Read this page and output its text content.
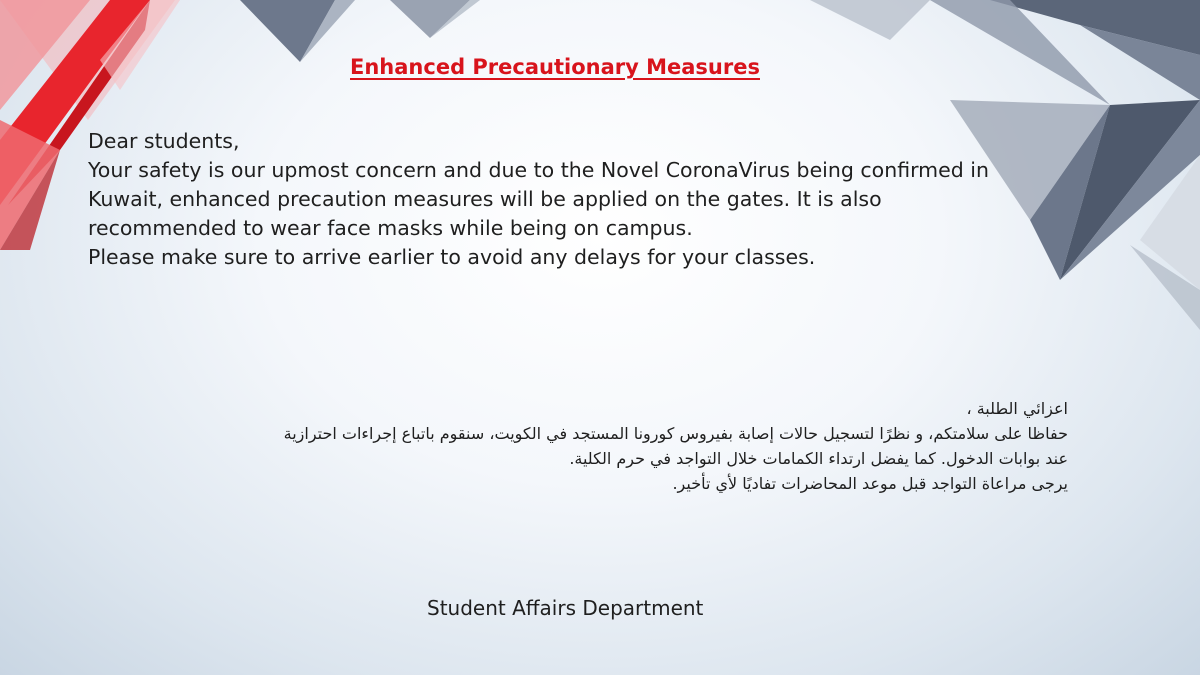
Enhanced Precautionary Measures
Dear students,
Your safety is our upmost concern and due to the Novel CoronaVirus being confirmed in
Kuwait, enhanced precaution measures will be applied on the gates. It is also
recommended to wear face masks while being on campus.
Please make sure to arrive earlier to avoid any delays for your classes.
اعزائي الطلبة ،
حفاظا على سلامتكم، و نظرًا لتسجيل حالات إصابة بفيروس كورونا المستجد في الكويت، سنقوم باتباع إجراءات احترازية
عند بوابات الدخول. كما يفضل ارتداء الكمامات خلال التواجد في حرم الكلية.
يرجى مراعاة التواجد قبل موعد المحاضرات تفاديًا لأي تأخير.
Student Affairs Department
